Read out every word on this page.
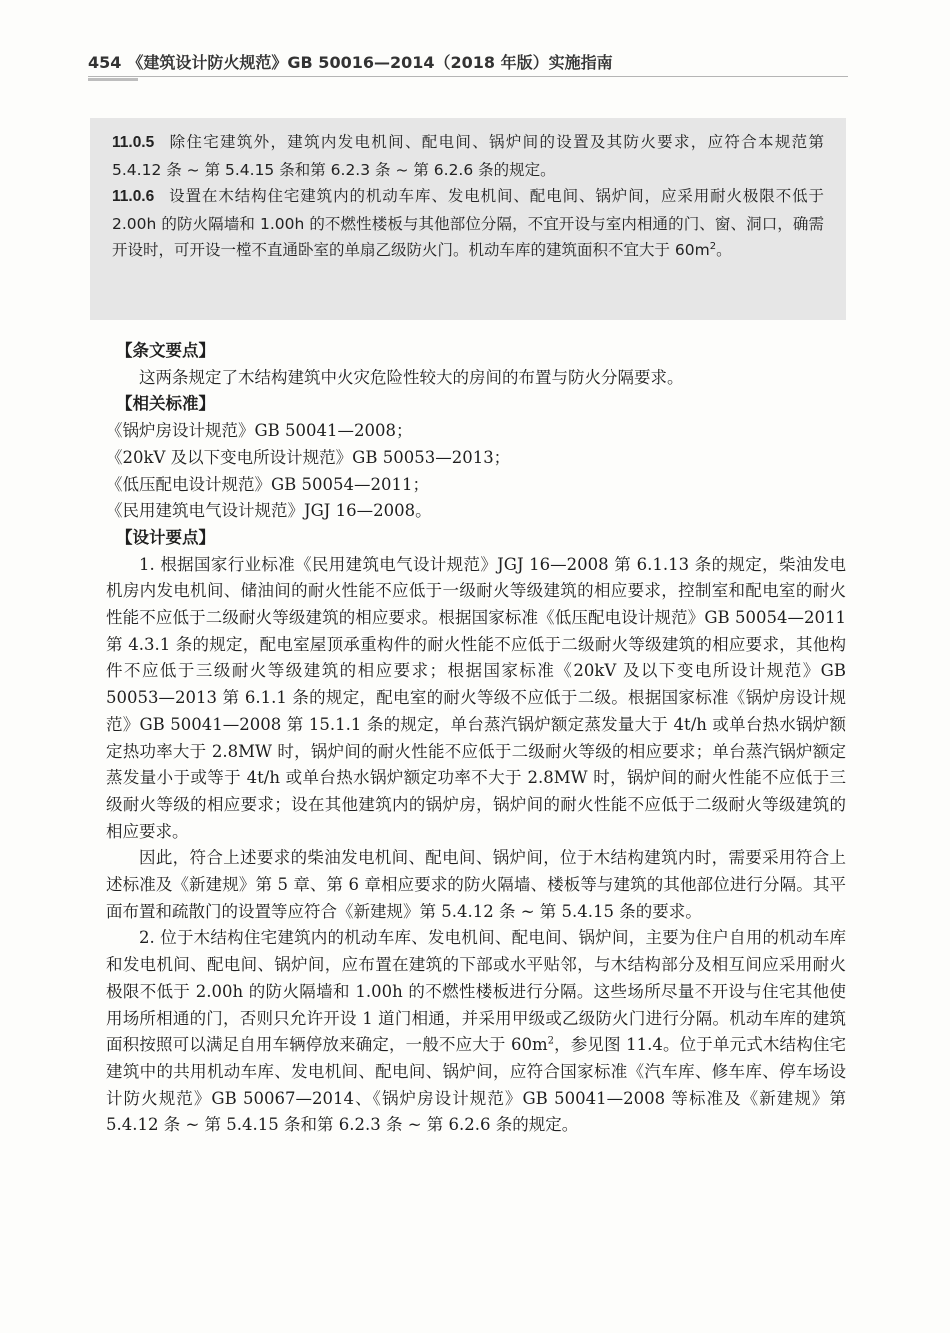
454 《建筑设计防火规范》GB 50016—2014（2018 年版）实施指南

11.0.5 除住宅建筑外，建筑内发电机间、配电间、锅炉间的设置及其防火要求，应符合本规范第 5.4.12 条 ~ 第 5.4.15 条和第 6.2.3 条 ~ 第 6.2.6 条的规定。

11.0.6 设置在木结构住宅建筑内的机动车库、发电机间、配电间、锅炉间，应采用耐火极限不低于 2.00h 的防火隔墙和 1.00h 的不燃性楼板与其他部位分隔，不宜开设与室内相通的门、窗、洞口，确需开设时，可开设一樘不直通卧室的单扇乙级防火门。机动车库的建筑面积不宜大于 $60m^2$。

【条文要点】

这两条规定了木结构建筑中火灾危险性较大的房间的布置与防火分隔要求。

【相关标准】

《锅炉房设计规范》GB 50041—2008；

《20kV 及以下变电所设计规范》GB 50053—2013；

《低压配电设计规范》GB 50054—2011；

《民用建筑电气设计规范》JGJ 16—2008。

【设计要点】

1. 根据国家行业标准《民用建筑电气设计规范》JGJ 16—2008 第 6.1.13 条的规定，柴油发电机房内发电机间、储油间的耐火性能不应低于一级耐火等级建筑的相应要求，控制室和配电室的耐火性能不应低于二级耐火等级建筑的相应要求。根据国家标准《低压配电设计规范》GB 50054—2011 第 4.3.1 条的规定，配电室屋顶承重构件的耐火性能不应低于二级耐火等级建筑的相应要求，其他构件不应低于三级耐火等级建筑的相应要求；根据国家标准《20kV 及以下变电所设计规范》GB 50053—2013 第 6.1.1 条的规定，配电室的耐火等级不应低于二级。根据国家标准《锅炉房设计规范》GB 50041—2008 第 15.1.1 条的规定，单台蒸汽锅炉额定蒸发量大于 4t/h 或单台热水锅炉额定热功率大于 2.8MW 时，锅炉间的耐火性能不应低于二级耐火等级的相应要求；单台蒸汽锅炉额定蒸发量小于或等于 4t/h 或单台热水锅炉额定功率不大于 2.8MW 时，锅炉间的耐火性能不应低于三级耐火等级的相应要求；设在其他建筑内的锅炉房，锅炉间的耐火性能不应低于二级耐火等级建筑的相应要求。

因此，符合上述要求的柴油发电机间、配电间、锅炉间，位于木结构建筑内时，需要采用符合上述标准及《新建规》第 5 章、第 6 章相应要求的防火隔墙、楼板等与建筑的其他部位进行分隔。其平面布置和疏散门的设置等应符合《新建规》第 5.4.12 条 ~ 第 5.4.15 条的要求。

2. 位于木结构住宅建筑内的机动车库、发电机间、配电间、锅炉间，主要为住户自用的机动车库和发电机间、配电间、锅炉间，应布置在建筑的下部或水平贴邻，与木结构部分及相互间应采用耐火极限不低于 2.00h 的防火隔墙和 1.00h 的不燃性楼板进行分隔。这些场所尽量不开设与住宅其他使用场所相通的门，否则只允许开设 1 道门相通，并采用甲级或乙级防火门进行分隔。机动车库的建筑面积按照可以满足自用车辆停放来确定，一般不应大于 $60m^2$，参见图 11.4。位于单元式木结构住宅建筑中的共用机动车库、发电机间、配电间、锅炉间，应符合国家标准《汽车库、修车库、停车场设计防火规范》GB 50067—2014、《锅炉房设计规范》GB 50041—2008 等标准及《新建规》第 5.4.12 条 ~ 第 5.4.15 条和第 6.2.3 条 ~ 第 6.2.6 条的规定。
